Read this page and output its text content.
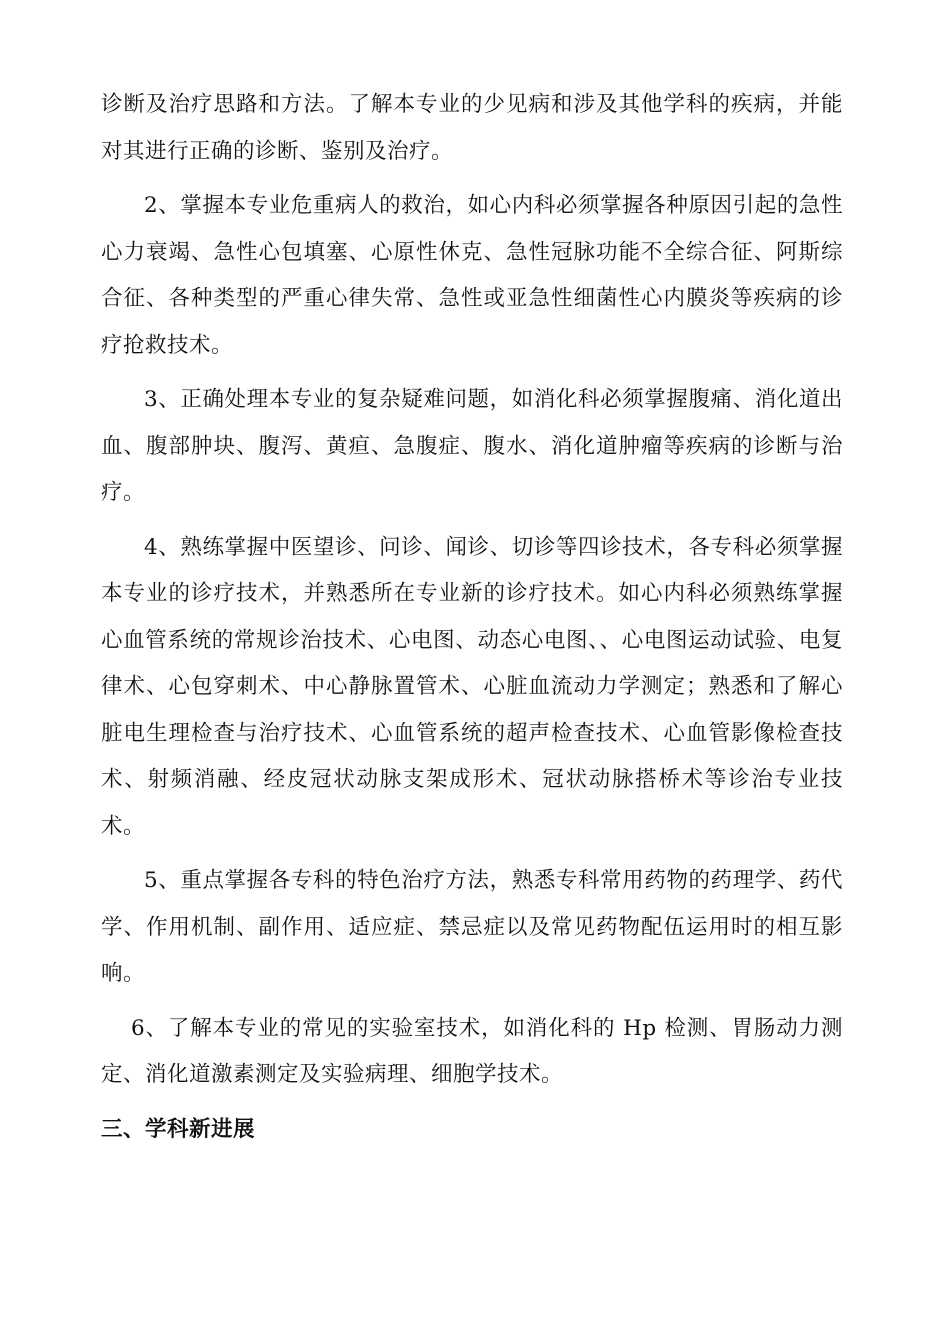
诊断及治疗思路和方法。了解本专业的少见病和涉及其他学科的疾病，并能对其进行正确的诊断、鉴别及治疗。

2、掌握本专业危重病人的救治，如心内科必须掌握各种原因引起的急性心力衰竭、急性心包填塞、心原性休克、急性冠脉功能不全综合征、阿斯综合征、各种类型的严重心律失常、急性或亚急性细菌性心内膜炎等疾病的诊疗抢救技术。

3、正确处理本专业的复杂疑难问题，如消化科必须掌握腹痛、消化道出血、腹部肿块、腹泻、黄疸、急腹症、腹水、消化道肿瘤等疾病的诊断与治疗。

4、熟练掌握中医望诊、问诊、闻诊、切诊等四诊技术，各专科必须掌握本专业的诊疗技术，并熟悉所在专业新的诊疗技术。如心内科必须熟练掌握心血管系统的常规诊治技术、心电图、动态心电图、、心电图运动试验、电复律术、心包穿刺术、中心静脉置管术、心脏血流动力学测定；熟悉和了解心脏电生理检查与治疗技术、心血管系统的超声检查技术、心血管影像检查技术、射频消融、经皮冠状动脉支架成形术、冠状动脉搭桥术等诊治专业技术。

5、重点掌握各专科的特色治疗方法，熟悉专科常用药物的药理学、药代学、作用机制、副作用、适应症、禁忌症以及常见药物配伍运用时的相互影响。

6、了解本专业的常见的实验室技术，如消化科的 Hp 检测、胃肠动力测定、消化道激素测定及实验病理、细胞学技术。

三、学科新进展
